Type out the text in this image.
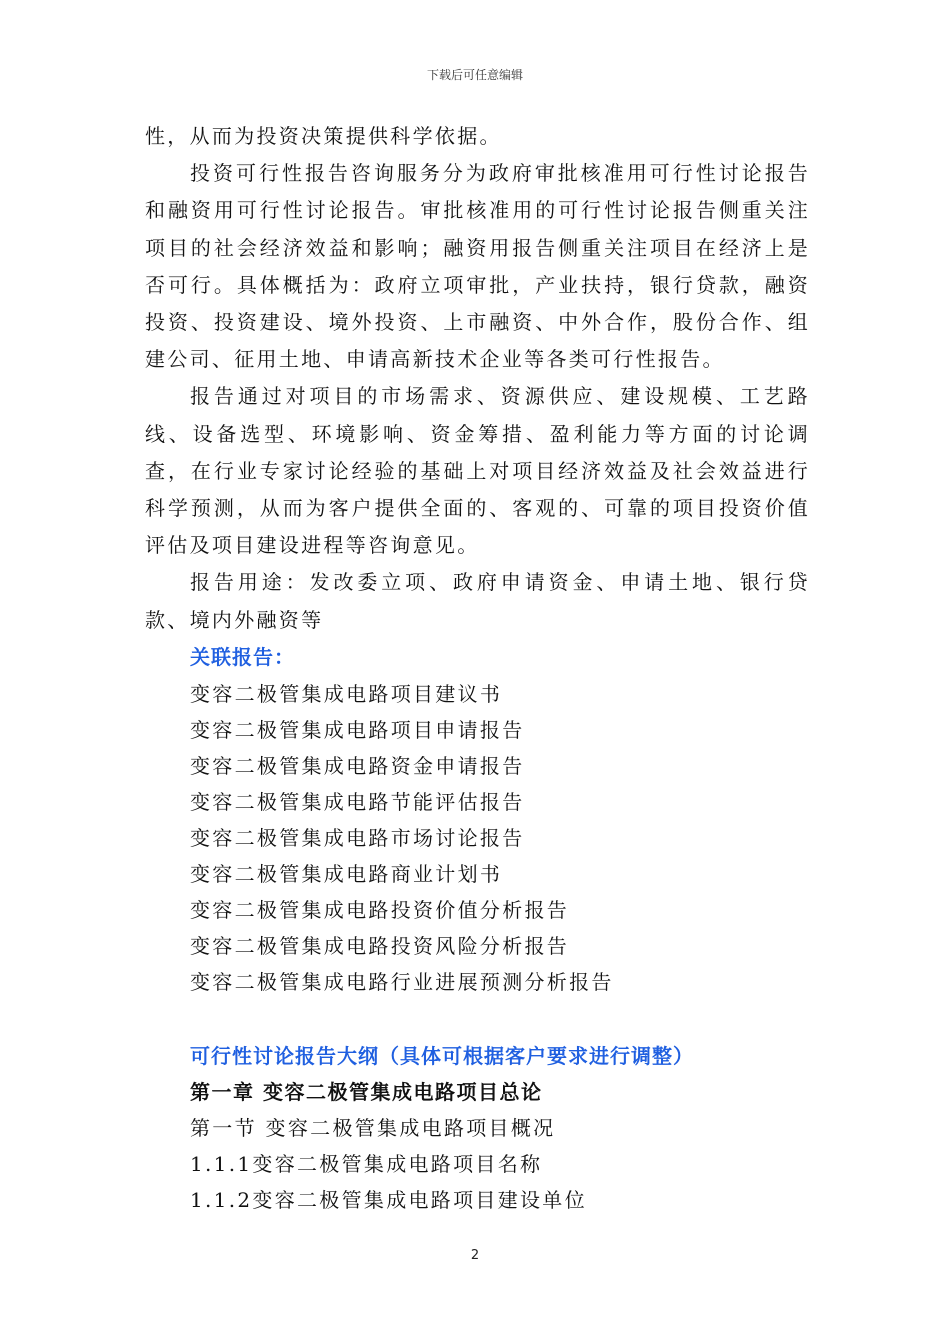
下载后可任意编辑

性，从而为投资决策提供科学依据。

投资可行性报告咨询服务分为政府审批核准用可行性讨论报告和融资用可行性讨论报告。审批核准用的可行性讨论报告侧重关注项目的社会经济效益和影响；融资用报告侧重关注项目在经济上是否可行。具体概括为：政府立项审批，产业扶持，银行贷款，融资投资、投资建设、境外投资、上市融资、中外合作，股份合作、组建公司、征用土地、申请高新技术企业等各类可行性报告。

报告通过对项目的市场需求、资源供应、建设规模、工艺路线、设备选型、环境影响、资金筹措、盈利能力等方面的讨论调查，在行业专家讨论经验的基础上对项目经济效益及社会效益进行科学预测，从而为客户提供全面的、客观的、可靠的项目投资价值评估及项目建设进程等咨询意见。

报告用途：发改委立项、政府申请资金、申请土地、银行贷款、境内外融资等

关联报告：
变容二极管集成电路项目建议书
变容二极管集成电路项目申请报告
变容二极管集成电路资金申请报告
变容二极管集成电路节能评估报告
变容二极管集成电路市场讨论报告
变容二极管集成电路商业计划书
变容二极管集成电路投资价值分析报告
变容二极管集成电路投资风险分析报告
变容二极管集成电路行业进展预测分析报告
可行性讨论报告大纲（具体可根据客户要求进行调整）
第一章 变容二极管集成电路项目总论
第一节 变容二极管集成电路项目概况
1.1.1变容二极管集成电路项目名称
1.1.2变容二极管集成电路项目建设单位
2
